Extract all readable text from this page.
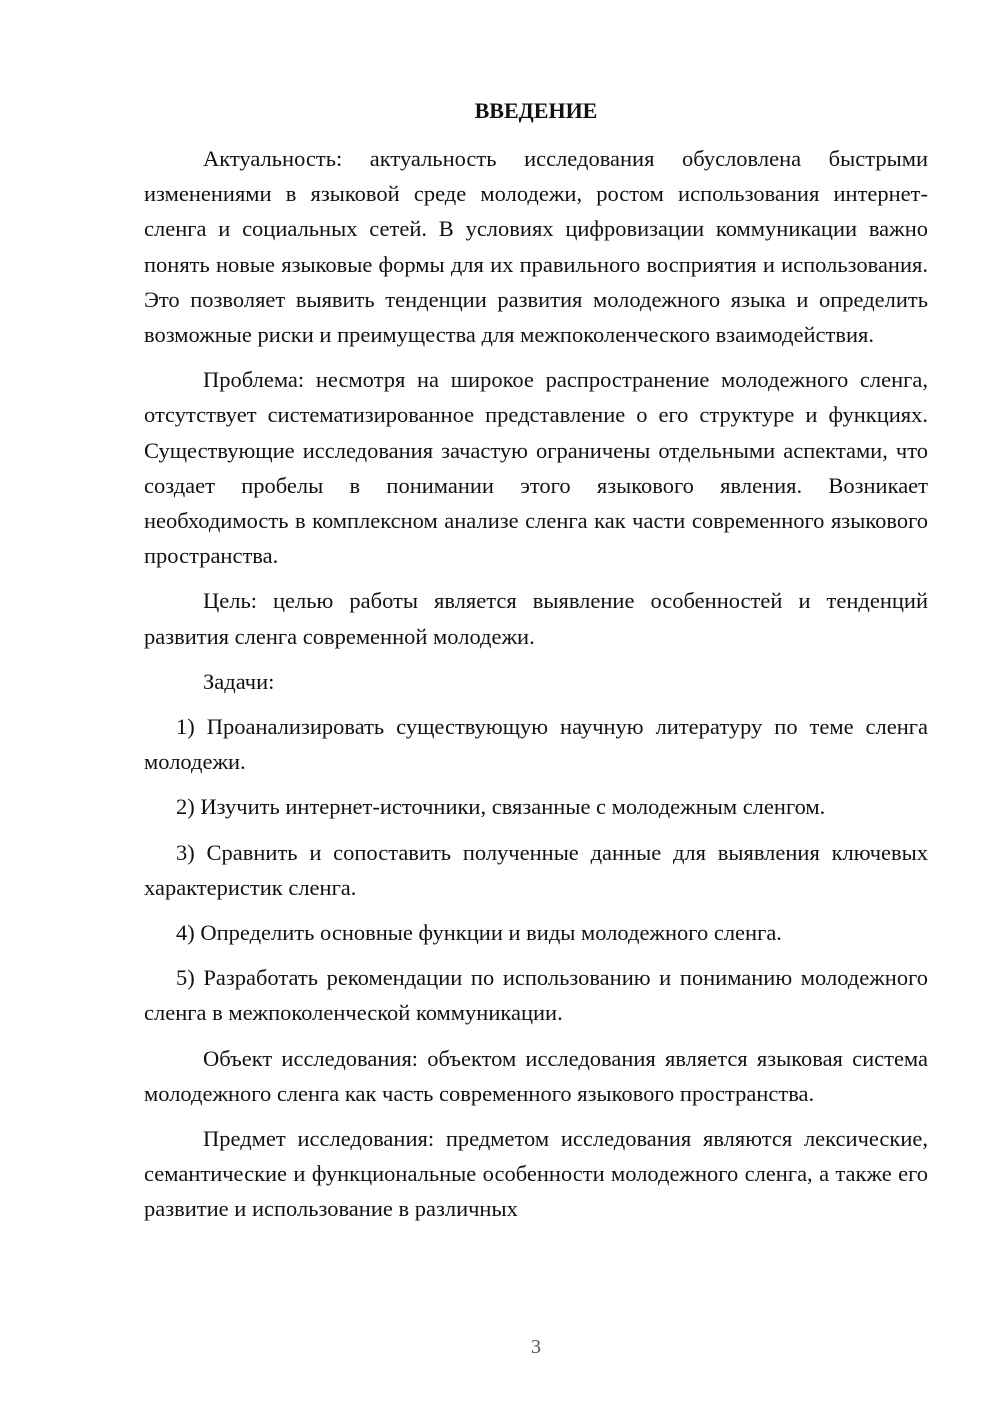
ВВЕДЕНИЕ

Актуальность: актуальность исследования обусловлена быстрыми изменениями в языковой среде молодежи, ростом использования интернет-сленга и социальных сетей. В условиях цифровизации коммуникации важно понять новые языковые формы для их правильного восприятия и использования. Это позволяет выявить тенденции развития молодежного языка и определить возможные риски и преимущества для межпоколенческого взаимодействия.

Проблема: несмотря на широкое распространение молодежного сленга, отсутствует систематизированное представление о его структуре и функциях. Существующие исследования зачастую ограничены отдельными аспектами, что создает пробелы в понимании этого языкового явления. Возникает необходимость в комплексном анализе сленга как части современного языкового пространства.

Цель: целью работы является выявление особенностей и тенденций развития сленга современной молодежи.

Задачи:

1) Проанализировать существующую научную литературу по теме сленга молодежи.

2) Изучить интернет-источники, связанные с молодежным сленгом.

3) Сравнить и сопоставить полученные данные для выявления ключевых характеристик сленга.

4) Определить основные функции и виды молодежного сленга.

5) Разработать рекомендации по использованию и пониманию молодежного сленга в межпоколенческой коммуникации.

Объект исследования: объектом исследования является языковая система молодежного сленга как часть современного языкового пространства.

Предмет исследования: предметом исследования являются лексические, семантические и функциональные особенности молодежного сленга, а также его развитие и использование в различных

3
